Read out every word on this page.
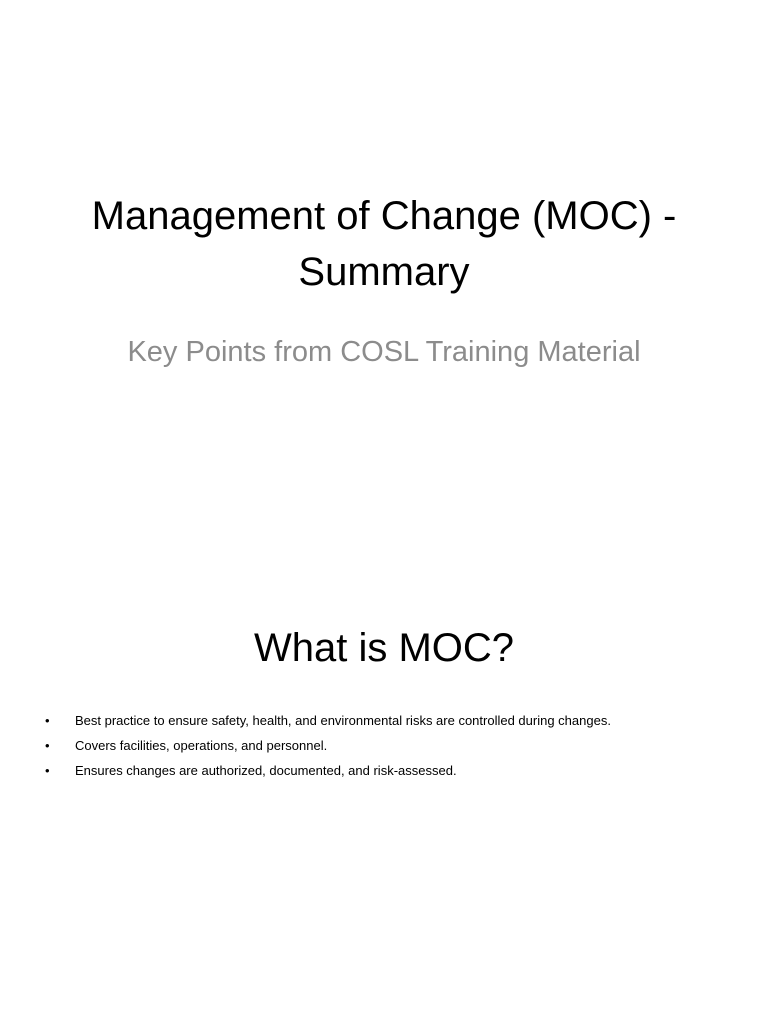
Management of Change (MOC) - Summary
Key Points from COSL Training Material
What is MOC?
• Best practice to ensure safety, health, and environmental risks are controlled during changes.
• Covers facilities, operations, and personnel.
• Ensures changes are authorized, documented, and risk-assessed.
